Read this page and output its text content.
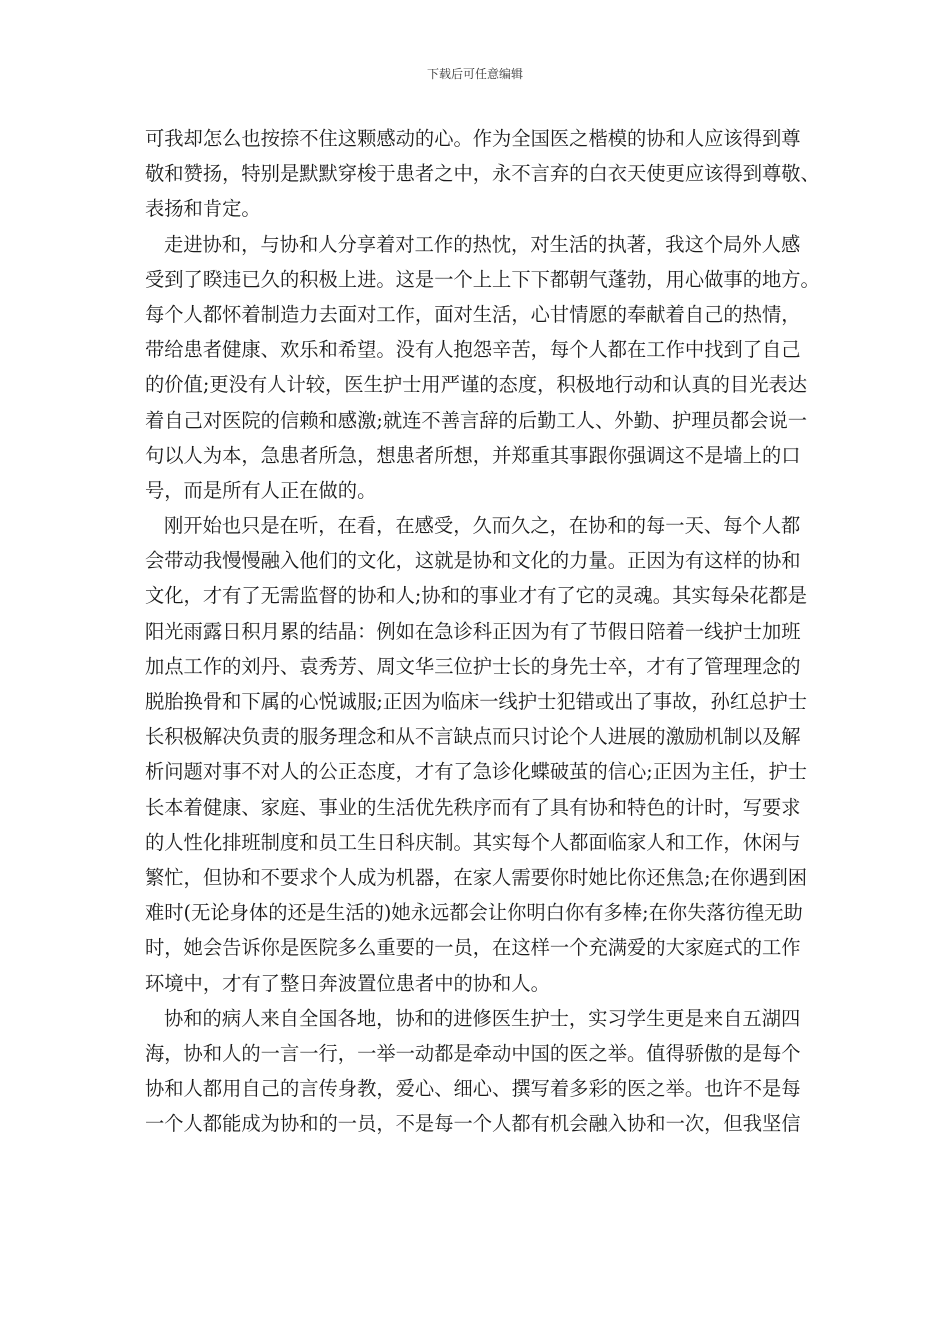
下载后可任意编辑
可我却怎么也按捺不住这颗感动的心。作为全国医之楷模的协和人应该得到尊
敬和赞扬，特别是默默穿梭于患者之中，永不言弃的白衣天使更应该得到尊敬、
表扬和肯定。
走进协和，与协和人分享着对工作的热忱，对生活的执著，我这个局外人感
受到了睽违已久的积极上进。这是一个上上下下都朝气蓬勃，用心做事的地方。
每个人都怀着制造力去面对工作，面对生活，心甘情愿的奉献着自己的热情，
带给患者健康、欢乐和希望。没有人抱怨辛苦，每个人都在工作中找到了自己
的价值;更没有人计较，医生护士用严谨的态度，积极地行动和认真的目光表达
着自己对医院的信赖和感激;就连不善言辞的后勤工人、外勤、护理员都会说一
句以人为本，急患者所急，想患者所想，并郑重其事跟你强调这不是墙上的口
号，而是所有人正在做的。
刚开始也只是在听，在看，在感受，久而久之，在协和的每一天、每个人都
会带动我慢慢融入他们的文化，这就是协和文化的力量。正因为有这样的协和
文化，才有了无需监督的协和人;协和的事业才有了它的灵魂。其实每朵花都是
阳光雨露日积月累的结晶：例如在急诊科正因为有了节假日陪着一线护士加班
加点工作的刘丹、袁秀芳、周文华三位护士长的身先士卒，才有了管理理念的
脱胎换骨和下属的心悦诚服;正因为临床一线护士犯错或出了事故，孙红总护士
长积极解决负责的服务理念和从不言缺点而只讨论个人进展的激励机制以及解
析问题对事不对人的公正态度，才有了急诊化蝶破茧的信心;正因为主任，护士
长本着健康、家庭、事业的生活优先秩序而有了具有协和特色的计时，写要求
的人性化排班制度和员工生日科庆制。其实每个人都面临家人和工作，休闲与
繁忙，但协和不要求个人成为机器，在家人需要你时她比你还焦急;在你遇到困
难时(无论身体的还是生活的)她永远都会让你明白你有多棒;在你失落彷徨无助
时，她会告诉你是医院多么重要的一员，在这样一个充满爱的大家庭式的工作
环境中，才有了整日奔波置位患者中的协和人。
协和的病人来自全国各地，协和的进修医生护士，实习学生更是来自五湖四
海，协和人的一言一行，一举一动都是牵动中国的医之举。值得骄傲的是每个
协和人都用自己的言传身教，爱心、细心、撰写着多彩的医之举。也许不是每
一个人都能成为协和的一员，不是每一个人都有机会融入协和一次，但我坚信
